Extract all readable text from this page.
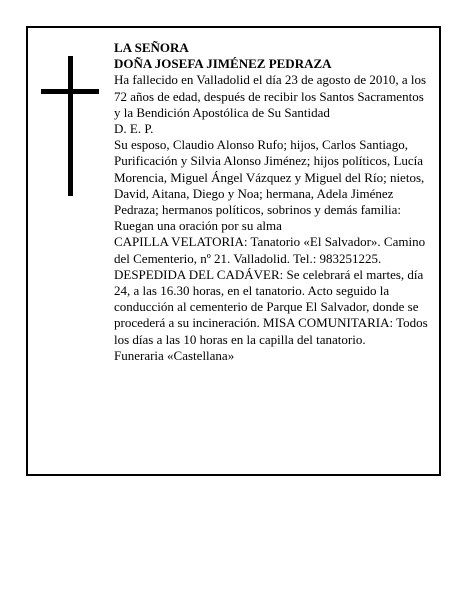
LA SEÑORA

DOÑA JOSEFA JIMÉNEZ PEDRAZA

Ha fallecido en Valladolid el día 23 de agosto de 2010, a los 72 años de edad, después de recibir los Santos Sacramentos y la Bendición Apostólica de Su Santidad

D. E. P.

Su esposo, Claudio Alonso Rufo; hijos, Carlos Santiago, Purificación y Silvia Alonso Jiménez; hijos políticos, Lucía Morencia, Miguel Ángel Vázquez y Miguel del Río; nietos, David, Aitana, Diego y Noa; hermana, Adela Jiménez Pedraza; hermanos políticos, sobrinos y demás familia:

Ruegan una oración por su alma

CAPILLA VELATORIA: Tanatorio «El Salvador». Camino del Cementerio, nº 21. Valladolid. Tel.: 983251225.

DESPEDIDA DEL CADÁVER: Se celebrará el martes, día 24, a las 16.30 horas, en el tanatorio. Acto seguido la conducción al cementerio de Parque El Salvador, donde se procederá a su incineración. MISA COMUNITARIA: Todos los días a las 10 horas en la capilla del tanatorio.

Funeraria «Castellana»
